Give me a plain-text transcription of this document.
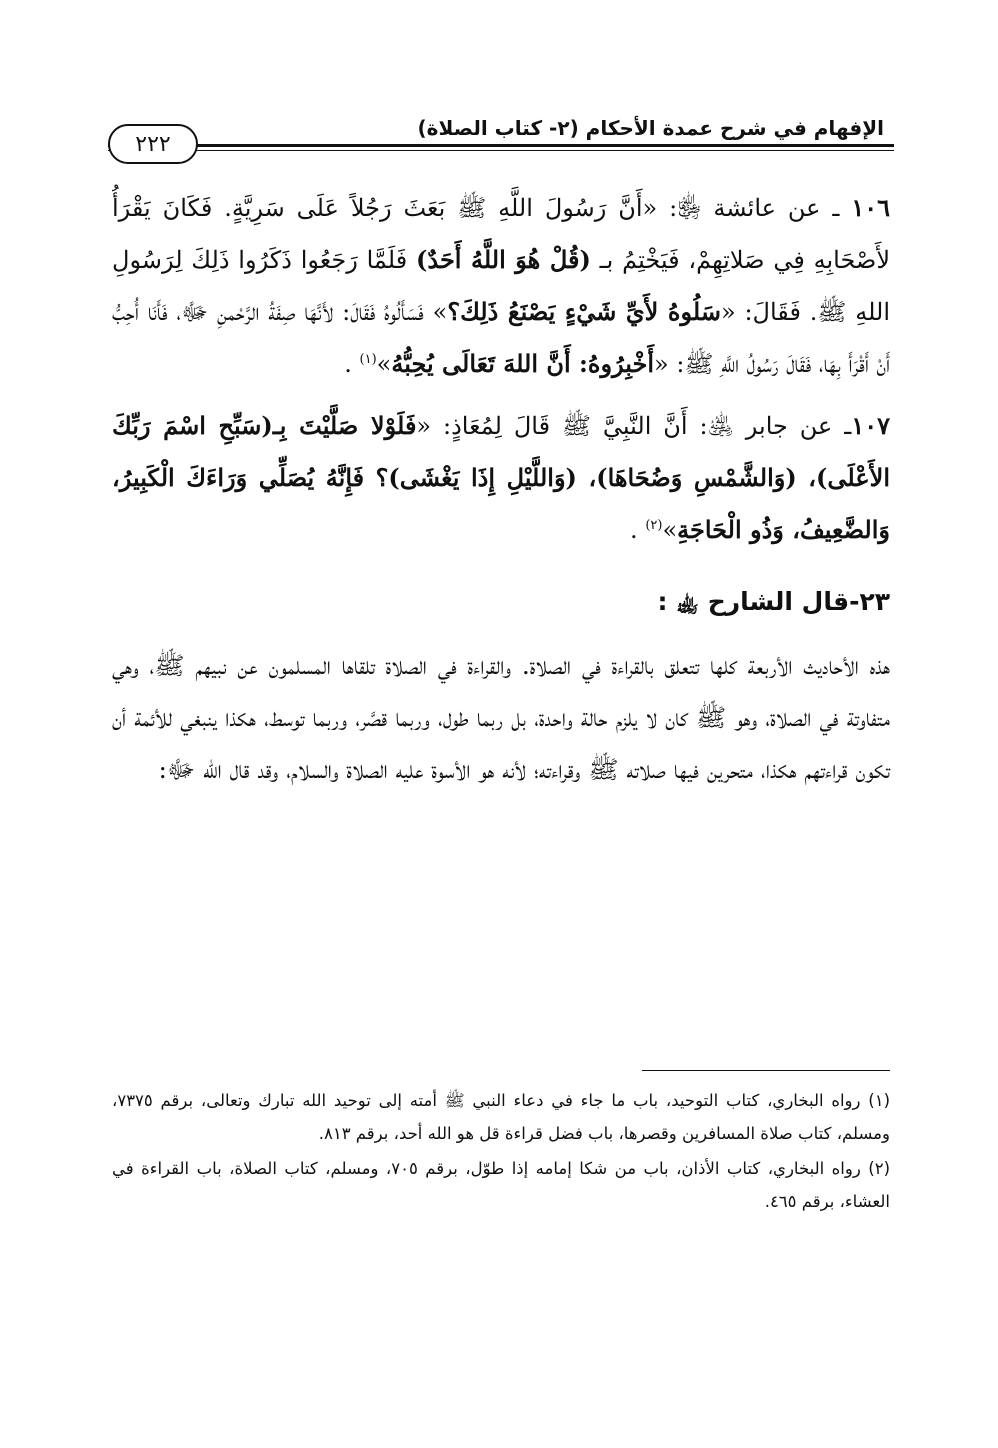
الإفهام في شرح عمدة الأحكام (٢- كتاب الصلاة)
٢٢٢

١٠٦ ـ عن عائشة ﵂: «أَنَّ رَسُولَ اللَّهِ ﷺ بَعَثَ رَجُلاً عَلَى سَرِيَّةٍ. فَكَانَ يَقْرَأُ لأَصْحَابِهِ فِي صَلاتِهِمْ، فَيَخْتِمُ بـ (قُلْ هُوَ اللَّهُ أَحَدٌ) فَلَمَّا رَجَعُوا ذَكَرُوا ذَلِكَ لِرَسُولِ اللهِ ﷺ. فَقَالَ: «سَلُوهُ لأَيِّ شَيْءٍ يَصْنَعُ ذَلِكَ؟» فَسَأَلُوهُ فَقَالَ: لأَنَّهَا صِفَةُ الرَّحْمنِ ﷻ، فَأَنَا أُحِبُّ أَنْ أَقْرَأَ بِهَا، فَقَالَ رَسُولُ اللَّهِ ﷺ: «أَخْبِرُوهُ: أَنَّ اللهَ تَعَالَى يُحِبُّهُ»$^{(١)}$ .

١٠٧ـ عن جابر ﵁: أَنَّ النَّبِيَّ ﷺ قَالَ لِمُعَاذٍ: «فَلَوْلا صَلَّيْتَ بِـ(سَبِّحِ اسْمَ رَبِّكَ الأَعْلَى)، (وَالشَّمْسِ وَضُحَاهَا)، (وَاللَّيْلِ إِذَا يَغْشَى)؟ فَإِنَّهُ يُصَلِّي وَرَاءَكَ الْكَبِيرُ، وَالضَّعِيفُ، وَذُو الْحَاجَةِ»$^{(٢)}$ .

٢٣-قال الشارح ﵀ :

هذه الأحاديث الأربعة كلها تتعلق بالقراءة في الصلاة. والقراءة في الصلاة تلقاها المسلمون عن نبيهم ﷺ، وهي متفاوتة في الصلاة، وهو ﷺ كان لا يلزم حالة واحدة، بل ربما طول، وربما قصَّر، وربما توسط، هكذا ينبغي للأئمة أن تكون قراءتهم هكذا، متحرين فيها صلاته ﷺ وقراءته؛ لأنه هو الأسوة عليه الصلاة والسلام، وقد قال الله ﷻ:

(١) رواه البخاري، كتاب التوحيد، باب ما جاء في دعاء النبي ﷺ أمته إلى توحيد الله تبارك وتعالى، برقم ٧٣٧٥، ومسلم، كتاب صلاة المسافرين وقصرها، باب فضل قراءة قل هو الله أحد، برقم ٨١٣.

(٢) رواه البخاري، كتاب الأذان، باب من شكا إمامه إذا طوّل، برقم ٧٠٥، ومسلم، كتاب الصلاة، باب القراءة في العشاء، برقم ٤٦٥.
